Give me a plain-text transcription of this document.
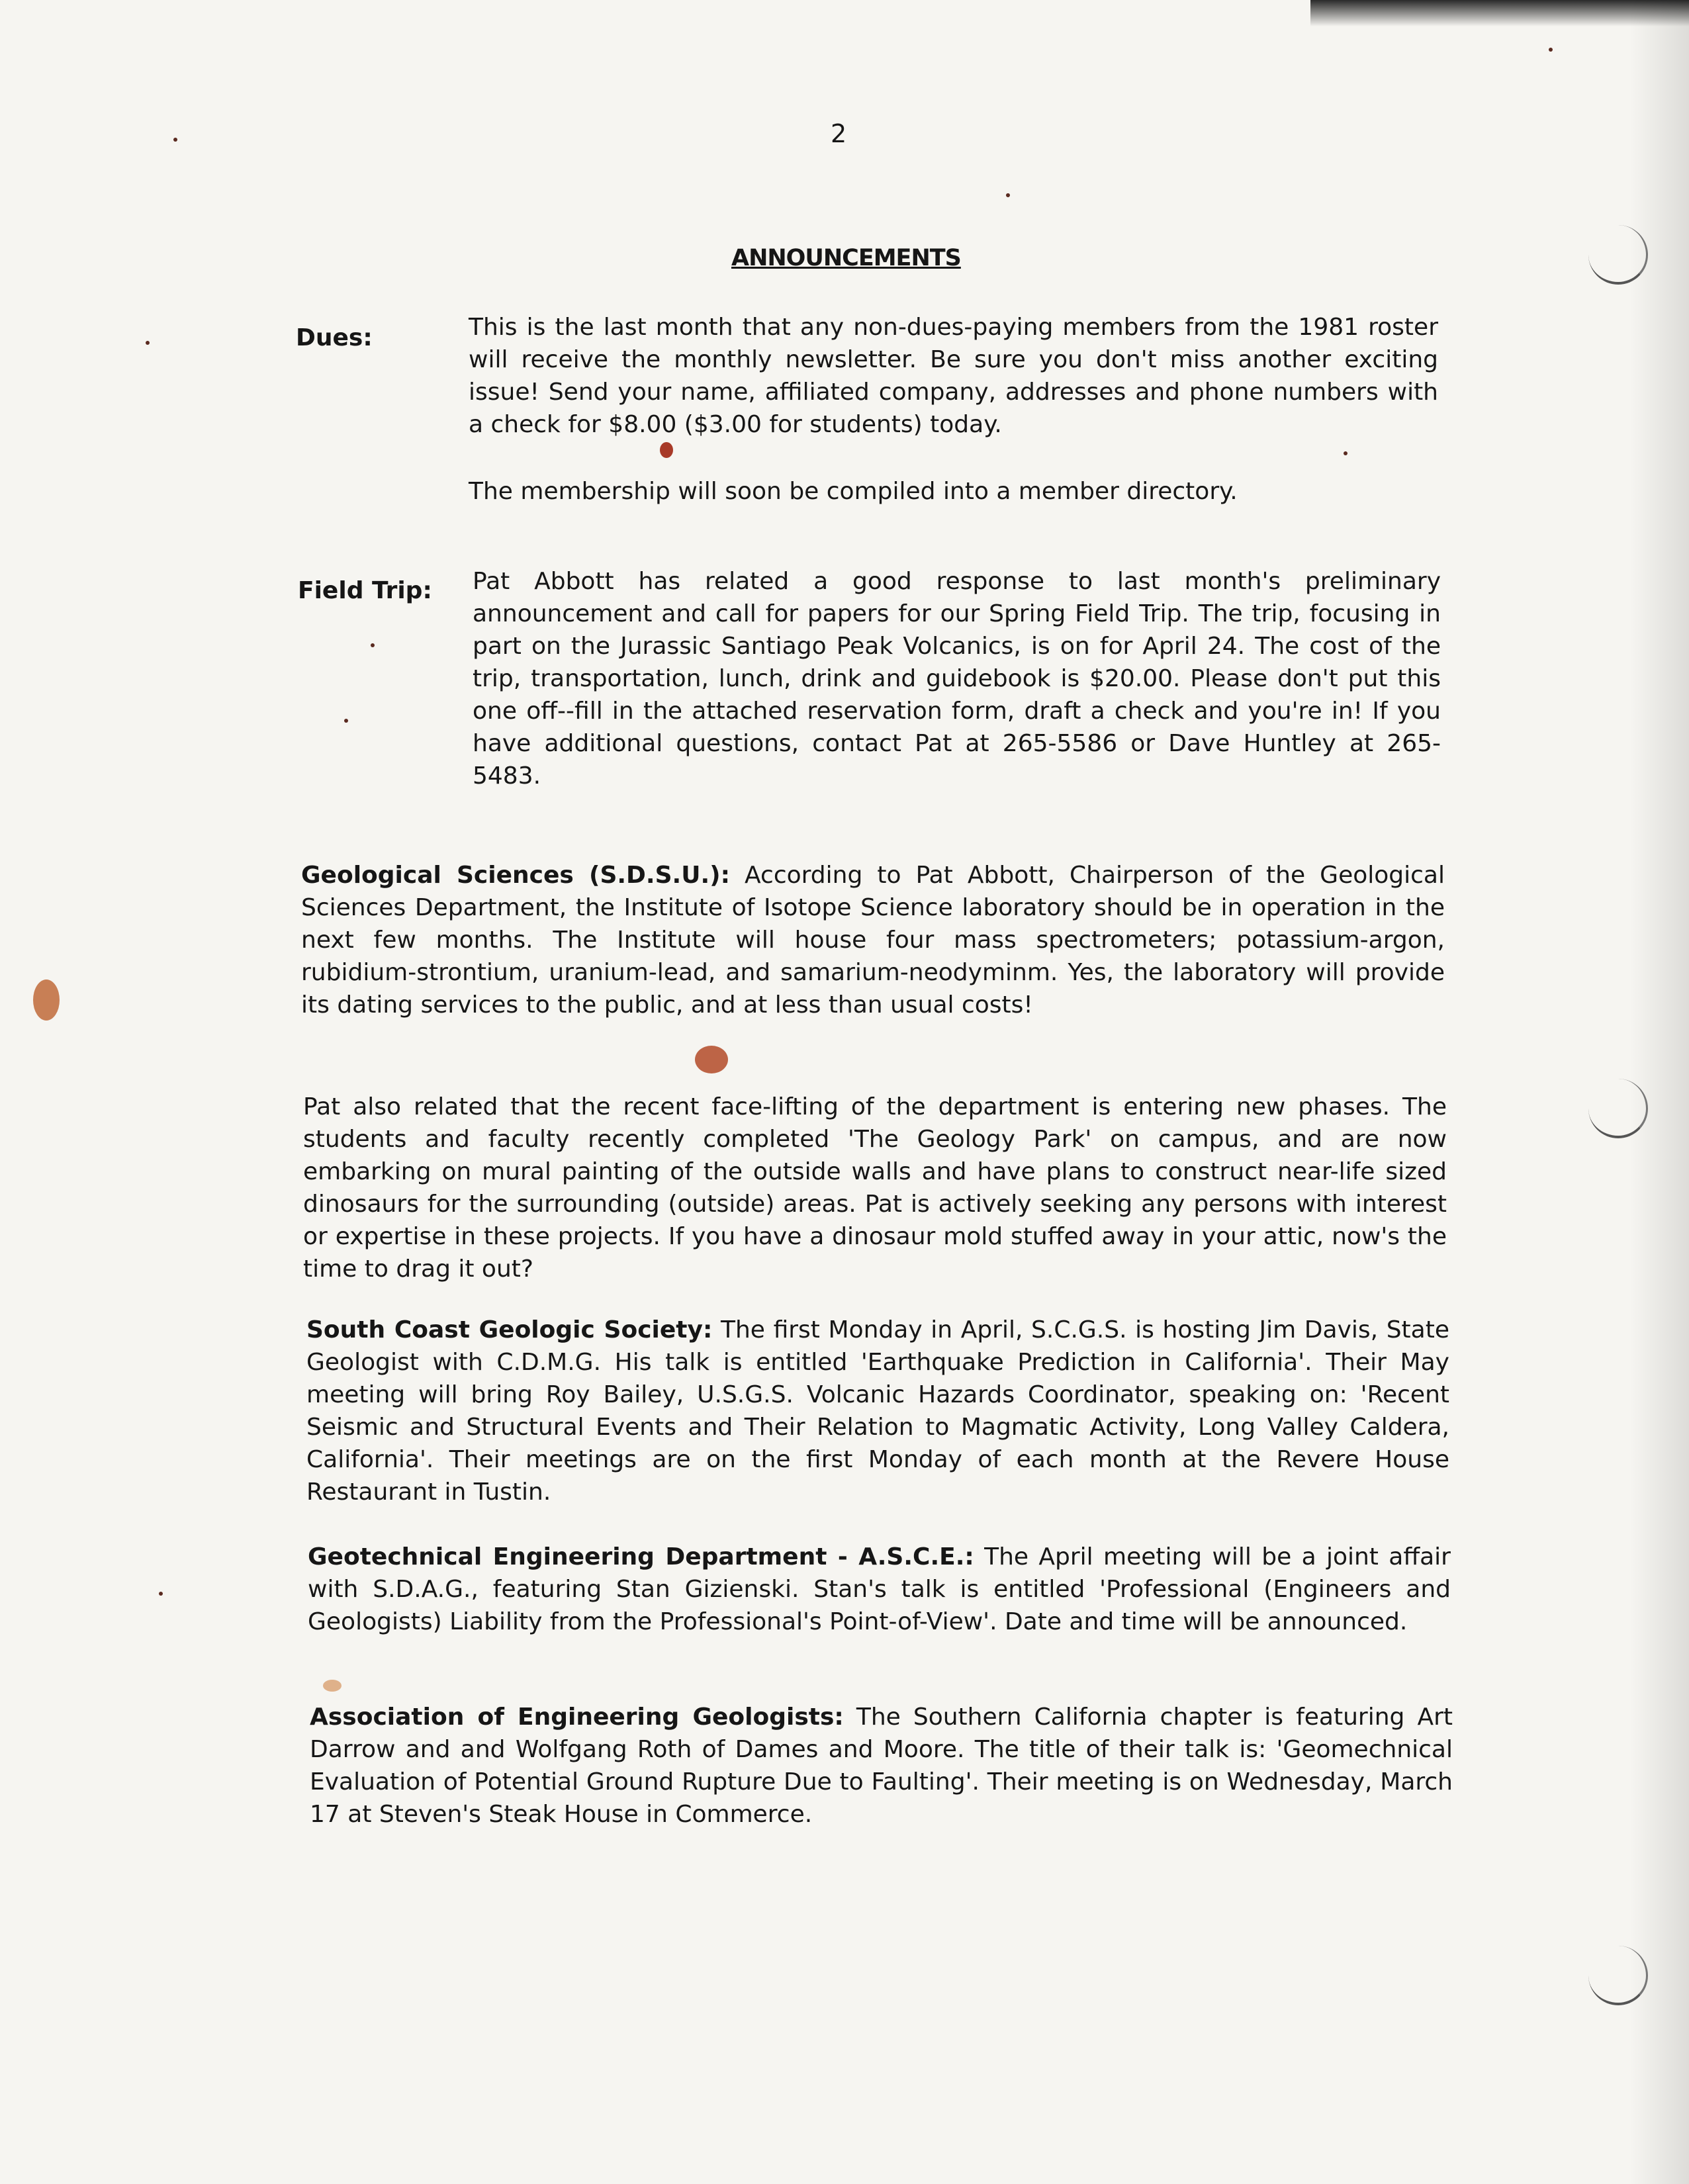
2
ANNOUNCEMENTS
Dues:	This is the last month that any non-dues-paying members from the 1981 roster will receive the monthly newsletter. Be sure you don't miss another exciting issue! Send your name, affiliated company, addresses and phone numbers with a check for $8.00 ($3.00 for students) today.
The membership will soon be compiled into a member directory.
Field Trip: Pat Abbott has related a good response to last month's preliminary announcement and call for papers for our Spring Field Trip. The trip, focusing in part on the Jurassic Santiago Peak Volcanics, is on for April 24. The cost of the trip, transportation, lunch, drink and guidebook is $20.00. Please don't put this one off--fill in the attached reservation form, draft a check and you're in! If you have additional questions, contact Pat at 265-5586 or Dave Huntley at 265-5483.
Geological Sciences (S.D.S.U.): According to Pat Abbott, Chairperson of the Geological Sciences Department, the Institute of Isotope Science laboratory should be in operation in the next few months. The Institute will house four mass spectrometers; potassium-argon, rubidium-strontium, uranium-lead, and samarium-neodyminm. Yes, the laboratory will provide its dating services to the public, and at less than usual costs!
Pat also related that the recent face-lifting of the department is entering new phases. The students and faculty recently completed 'The Geology Park' on campus, and are now embarking on mural painting of the outside walls and have plans to construct near-life sized dinosaurs for the surrounding (outside) areas. Pat is actively seeking any persons with interest or expertise in these projects. If you have a dinosaur mold stuffed away in your attic, now's the time to drag it out?
South Coast Geologic Society: The first Monday in April, S.C.G.S. is hosting Jim Davis, State Geologist with C.D.M.G. His talk is entitled 'Earthquake Prediction in California'. Their May meeting will bring Roy Bailey, U.S.G.S. Volcanic Hazards Coordinator, speaking on: 'Recent Seismic and Structural Events and Their Relation to Magmatic Activity, Long Valley Caldera, California'. Their meetings are on the first Monday of each month at the Revere House Restaurant in Tustin.
Geotechnical Engineering Department - A.S.C.E.: The April meeting will be a joint affair with S.D.A.G., featuring Stan Gizienski. Stan's talk is entitled 'Professional (Engineers and Geologists) Liability from the Professional's Point-of-View'. Date and time will be announced.
Association of Engineering Geologists: The Southern California chapter is featuring Art Darrow and and Wolfgang Roth of Dames and Moore. The title of their talk is: 'Geomechnical Evaluation of Potential Ground Rupture Due to Faulting'. Their meeting is on Wednesday, March 17 at Steven's Steak House in Commerce.
